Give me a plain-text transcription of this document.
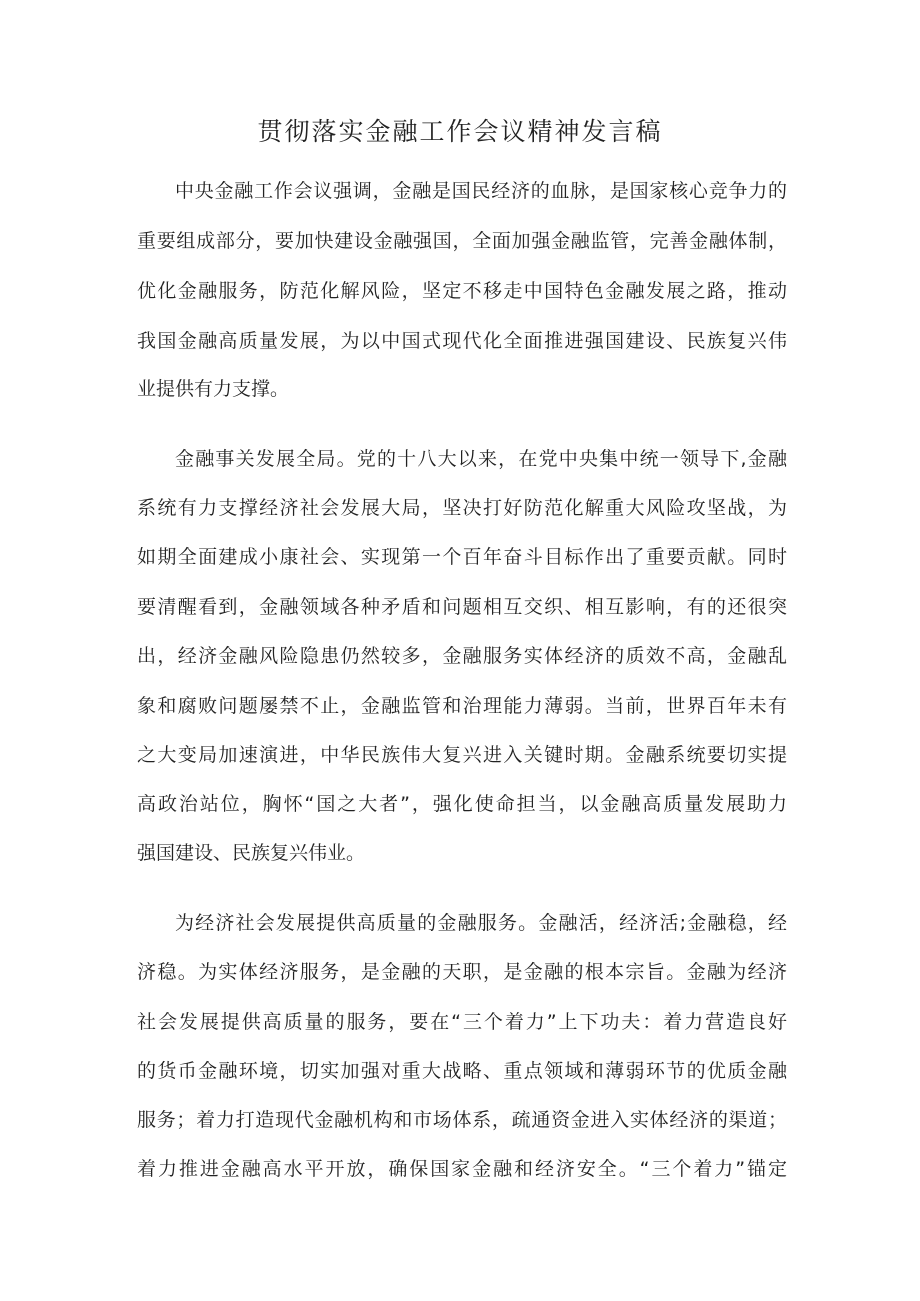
贯彻落实金融工作会议精神发言稿

中央金融工作会议强调，金融是国民经济的血脉，是国家核心竞争力的

重要组成部分，要加快建设金融强国，全面加强金融监管，完善金融体制，

优化金融服务，防范化解风险，坚定不移走中国特色金融发展之路，推动

我国金融高质量发展，为以中国式现代化全面推进强国建设、民族复兴伟

业提供有力支撑。

金融事关发展全局。党的十八大以来，在党中央集中统一领导下,金融

系统有力支撑经济社会发展大局，坚决打好防范化解重大风险攻坚战，为

如期全面建成小康社会、实现第一个百年奋斗目标作出了重要贡献。同时

要清醒看到，金融领域各种矛盾和问题相互交织、相互影响，有的还很突

出，经济金融风险隐患仍然较多，金融服务实体经济的质效不高，金融乱

象和腐败问题屡禁不止，金融监管和治理能力薄弱。当前，世界百年未有

之大变局加速演进，中华民族伟大复兴进入关键时期。金融系统要切实提

高政治站位，胸怀“国之大者”，强化使命担当，以金融高质量发展助力

强国建设、民族复兴伟业。

为经济社会发展提供高质量的金融服务。金融活，经济活;金融稳，经

济稳。为实体经济服务，是金融的天职，是金融的根本宗旨。金融为经济

社会发展提供高质量的服务，要在“三个着力”上下功夫：着力营造良好

的货币金融环境，切实加强对重大战略、重点领域和薄弱环节的优质金融

服务；着力打造现代金融机构和市场体系，疏通资金进入实体经济的渠道；

着力推进金融高水平开放，确保国家金融和经济安全。“三个着力”锚定
